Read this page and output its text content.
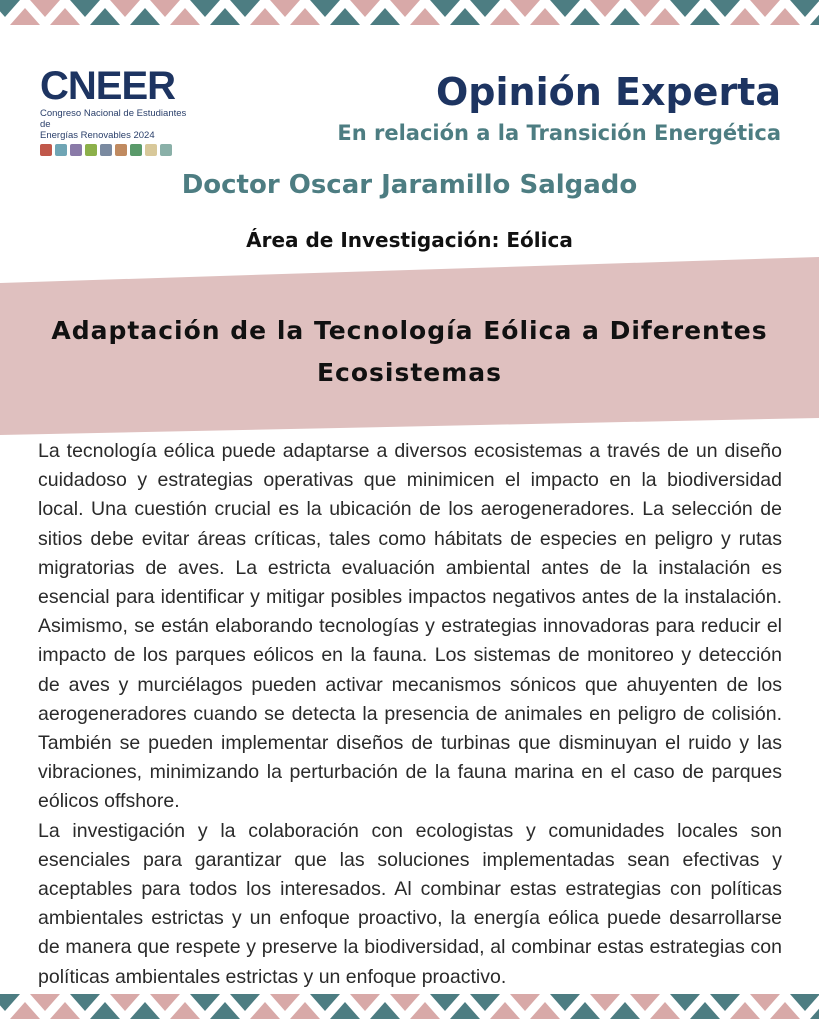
CNEER
Congreso Nacional de Estudiantes de
Energías Renovables 2024
Opinión Experta
En relación a la Transición Energética
Doctor Oscar Jaramillo Salgado
Área de Investigación: Eólica
Adaptación de la Tecnología Eólica a Diferentes Ecosistemas

La tecnología eólica puede adaptarse a diversos ecosistemas a través de un diseño cuidadoso y estrategias operativas que minimicen el impacto en la biodiversidad local. Una cuestión crucial es la ubicación de los aerogeneradores. La selección de sitios debe evitar áreas críticas, tales como hábitats de especies en peligro y rutas migratorias de aves. La estricta evaluación ambiental antes de la instalación es esencial para identificar y mitigar posibles impactos negativos antes de la instalación. Asimismo, se están elaborando tecnologías y estrategias innovadoras para reducir el impacto de los parques eólicos en la fauna. Los sistemas de monitoreo y detección de aves y murciélagos pueden activar mecanismos sónicos que ahuyenten de los aerogeneradores cuando se detecta la presencia de animales en peligro de colisión. También se pueden implementar diseños de turbinas que disminuyan el ruido y las vibraciones, minimizando la perturbación de la fauna marina en el caso de parques eólicos offshore.

La investigación y la colaboración con ecologistas y comunidades locales son esenciales para garantizar que las soluciones implementadas sean efectivas y aceptables para todos los interesados. Al combinar estas estrategias con políticas ambientales estrictas y un enfoque proactivo, la energía eólica puede desarrollarse de manera que respete y preserve la biodiversidad, al combinar estas estrategias con políticas ambientales estrictas y un enfoque proactivo.
